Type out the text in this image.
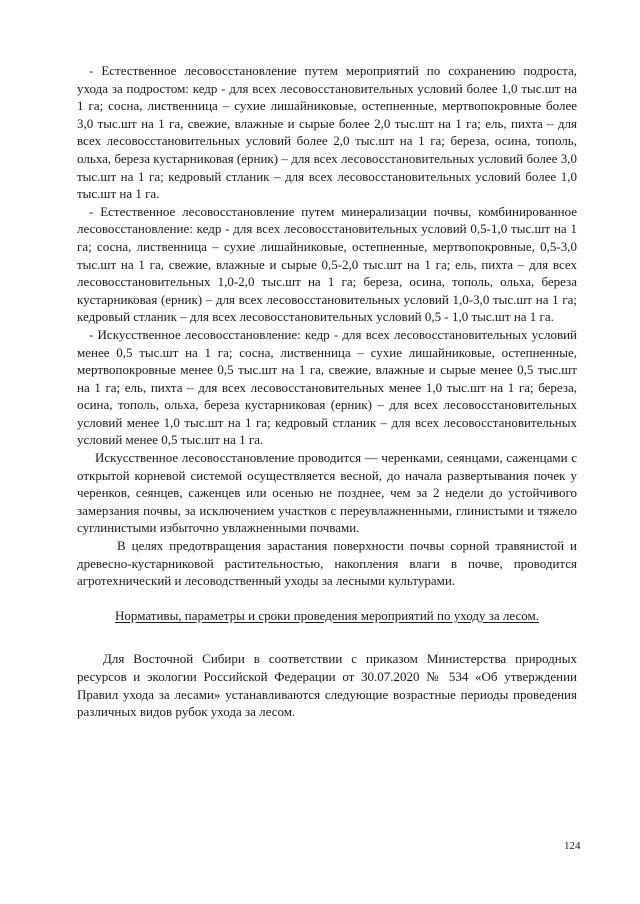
- Естественное лесовосстановление путем мероприятий по сохранению подроста, ухода за подростом: кедр - для всех лесовосстановительных условий более 1,0 тыс.шт на 1 га; сосна, лиственница – сухие лишайниковые, остепненные, мертвопокровные более 3,0 тыс.шт на 1 га, свежие, влажные и сырые более 2,0 тыс.шт на 1 га; ель, пихта – для всех лесовосстановительных условий более 2,0 тыс.шт на 1 га; береза, осина, тополь, ольха, береза кустарниковая (ерник) – для всех лесовосстановительных условий более 3,0 тыс.шт на 1 га; кедровый стланик – для всех лесовосстановительных условий более 1,0 тыс.шт на 1 га.

- Естественное лесовосстановление путем минерализации почвы, комбинированное лесовосстановление: кедр - для всех лесовосстановительных условий 0,5-1,0 тыс.шт на 1 га; сосна, лиственница – сухие лишайниковые, остепненные, мертвопокровные, 0,5-3,0 тыс.шт на 1 га, свежие, влажные и сырые 0,5-2,0 тыс.шт на 1 га; ель, пихта – для всех лесовосстановительных 1,0-2,0 тыс.шт на 1 га; береза, осина, тополь, ольха, береза кустарниковая (ерник) – для всех лесовосстановительных условий 1,0-3,0 тыс.шт на 1 га; кедровый стланик – для всех лесовосстановительных условий 0,5 - 1,0 тыс.шт на 1 га.

- Искусственное лесовосстановление: кедр - для всех лесовосстановительных условий менее 0,5 тыс.шт на 1 га; сосна, лиственница – сухие лишайниковые, остепненные, мертвопокровные менее 0,5 тыс.шт на 1 га, свежие, влажные и сырые менее 0,5 тыс.шт на 1 га; ель, пихта – для всех лесовосстановительных менее 1,0 тыс.шт на 1 га; береза, осина, тополь, ольха, береза кустарниковая (ерник) – для всех лесовосстановительных условий менее 1,0 тыс.шт на 1 га; кедровый стланик – для всех лесовосстановительных условий менее 0,5 тыс.шт на 1 га.

Искусственное лесовосстановление проводится — черенками, сеянцами, саженцами с открытой корневой системой осуществляется весной, до начала развертывания почек у черенков, сеянцев, саженцев или осенью не позднее, чем за 2 недели до устойчивого замерзания почвы, за исключением участков с переувлажненными, глинистыми и тяжело суглинистыми избыточно увлажненными почвами.

В целях предотвращения зарастания поверхности почвы сорной травянистой и древесно-кустарниковой растительностью, накопления влаги в почве, проводится агротехнический и лесоводственный уходы за лесными культурами.

Нормативы, параметры и сроки проведения мероприятий по уходу за лесом.

Для Восточной Сибири в соответствии с приказом Министерства природных ресурсов и экологии Российской Федерации от 30.07.2020 № 534 «Об утверждении Правил ухода за лесами» устанавливаются следующие возрастные периоды проведения различных видов рубок ухода за лесом.

124
